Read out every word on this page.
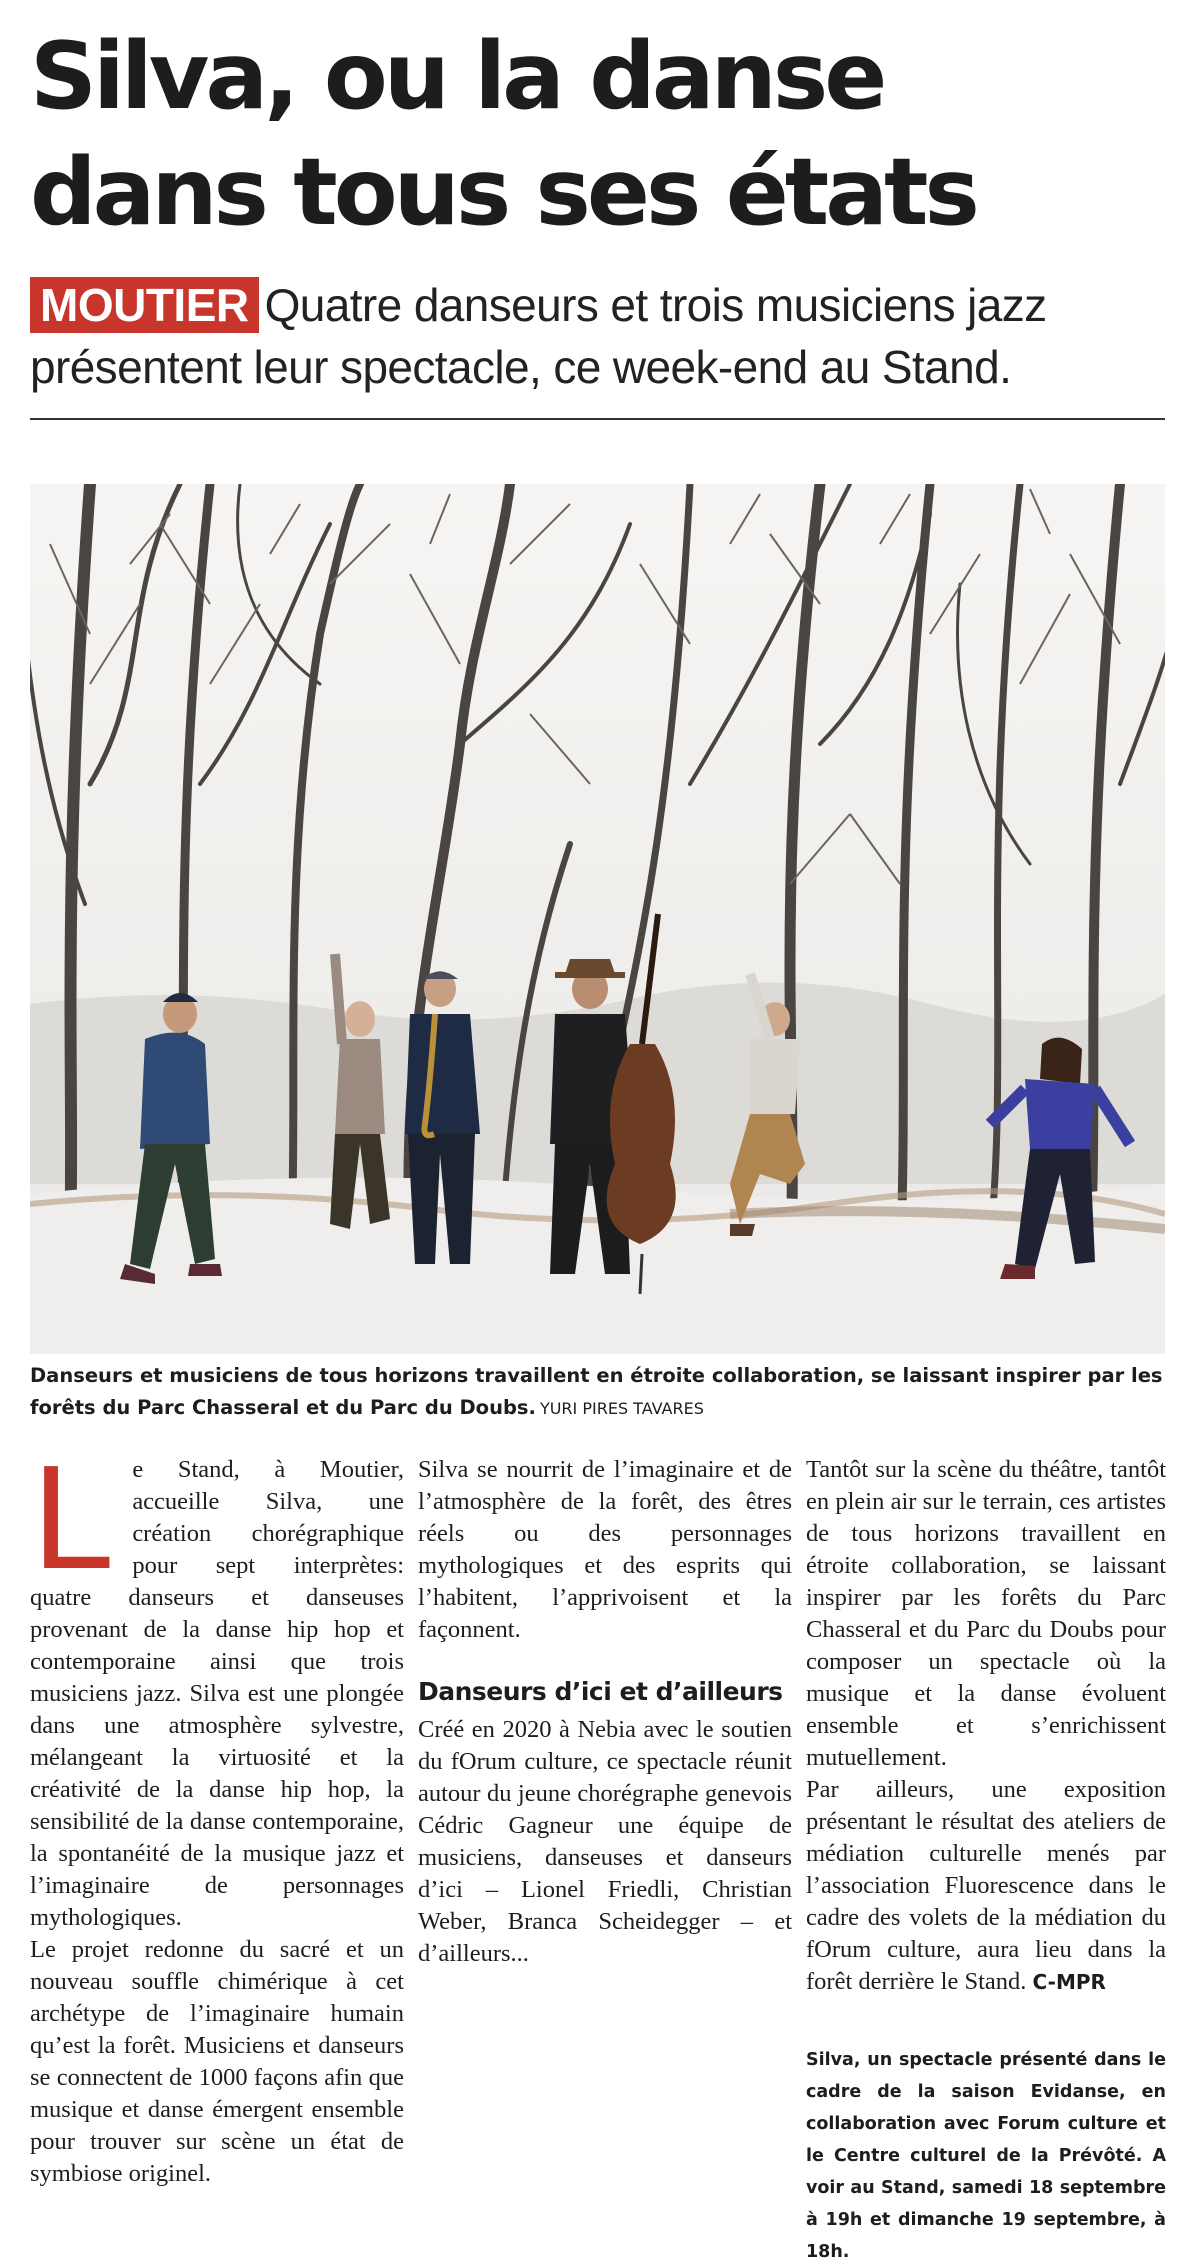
Silva, ou la danse
dans tous ses états

MOUTIER Quatre danseurs et trois musiciens jazz présentent leur spectacle, ce week-end au Stand.

Danseurs et musiciens de tous horizons travaillent en étroite collaboration, se laissant inspirer par les forêts du Parc Chasseral et du Parc du Doubs. YURI PIRES TAVARES

Le Stand, à Moutier, accueille Silva, une création chorégraphique pour sept interprètes: quatre danseurs et danseuses provenant de la danse hip hop et contemporaine ainsi que trois musiciens jazz. Silva est une plongée dans une atmosphère sylvestre, mélangeant la virtuosité et la créativité de la danse hip hop, la sensibilité de la danse contemporaine, la spontanéité de la musique jazz et l’imaginaire de personnages mythologiques.

Le projet redonne du sacré et un nouveau souffle chimérique à cet archétype de l’imaginaire humain qu’est la forêt. Musiciens et danseurs se connectent de 1000 façons afin que musique et danse émergent ensemble pour trouver sur scène un état de symbiose originel.

Silva se nourrit de l’imaginaire et de l’atmosphère de la forêt, des êtres réels ou des personnages mythologiques et des esprits qui l’habitent, l’apprivoisent et la façonnent.

Danseurs d’ici et d’ailleurs

Créé en 2020 à Nebia avec le soutien du fOrum culture, ce spectacle réunit autour du jeune chorégraphe genevois Cédric Gagneur une équipe de musiciens, danseuses et danseurs d’ici – Lionel Friedli, Christian Weber, Branca Scheidegger – et d’ailleurs...

Tantôt sur la scène du théâtre, tantôt en plein air sur le terrain, ces artistes de tous horizons travaillent en étroite collaboration, se laissant inspirer par les forêts du Parc Chasseral et du Parc du Doubs pour composer un spectacle où la musique et la danse évoluent ensemble et s’enrichissent mutuellement.

Par ailleurs, une exposition présentant le résultat des ateliers de médiation culturelle menés par l’association Fluorescence dans le cadre des volets de la médiation du fOrum culture, aura lieu dans la forêt derrière le Stand. C-MPR

Silva, un spectacle présenté dans le cadre de la saison Evidanse, en collaboration avec Forum culture et le Centre culturel de la Prévôté. A voir au Stand, samedi 18 septembre à 19h et dimanche 19 septembre, à 18h.
